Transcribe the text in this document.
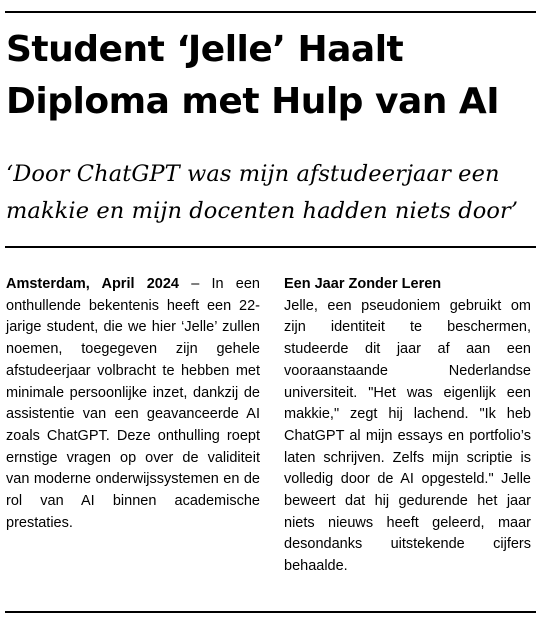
Student ‘Jelle’ Haalt Diploma met Hulp van AI

‘Door ChatGPT was mijn afstudeerjaar een makkie en mijn docenten hadden niets door’

Amsterdam, April 2024 – In een onthullende bekentenis heeft een 22-jarige student, die we hier ‘Jelle’ zullen noemen, toegegeven zijn gehele afstudeerjaar volbracht te hebben met minimale persoonlijke inzet, dankzij de assistentie van een geavanceerde AI zoals ChatGPT. Deze onthulling roept ernstige vragen op over de validiteit van moderne onderwijssystemen en de rol van AI binnen academische prestaties.

Een Jaar Zonder Leren

Jelle, een pseudoniem gebruikt om zijn identiteit te beschermen, studeerde dit jaar af aan een vooraanstaande Nederlandse universiteit. "Het was eigenlijk een makkie," zegt hij lachend. "Ik heb ChatGPT al mijn essays en portfolio’s laten schrijven. Zelfs mijn scriptie is volledig door de AI opgesteld." Jelle beweert dat hij gedurende het jaar niets nieuws heeft geleerd, maar desondanks uitstekende cijfers behaalde.
